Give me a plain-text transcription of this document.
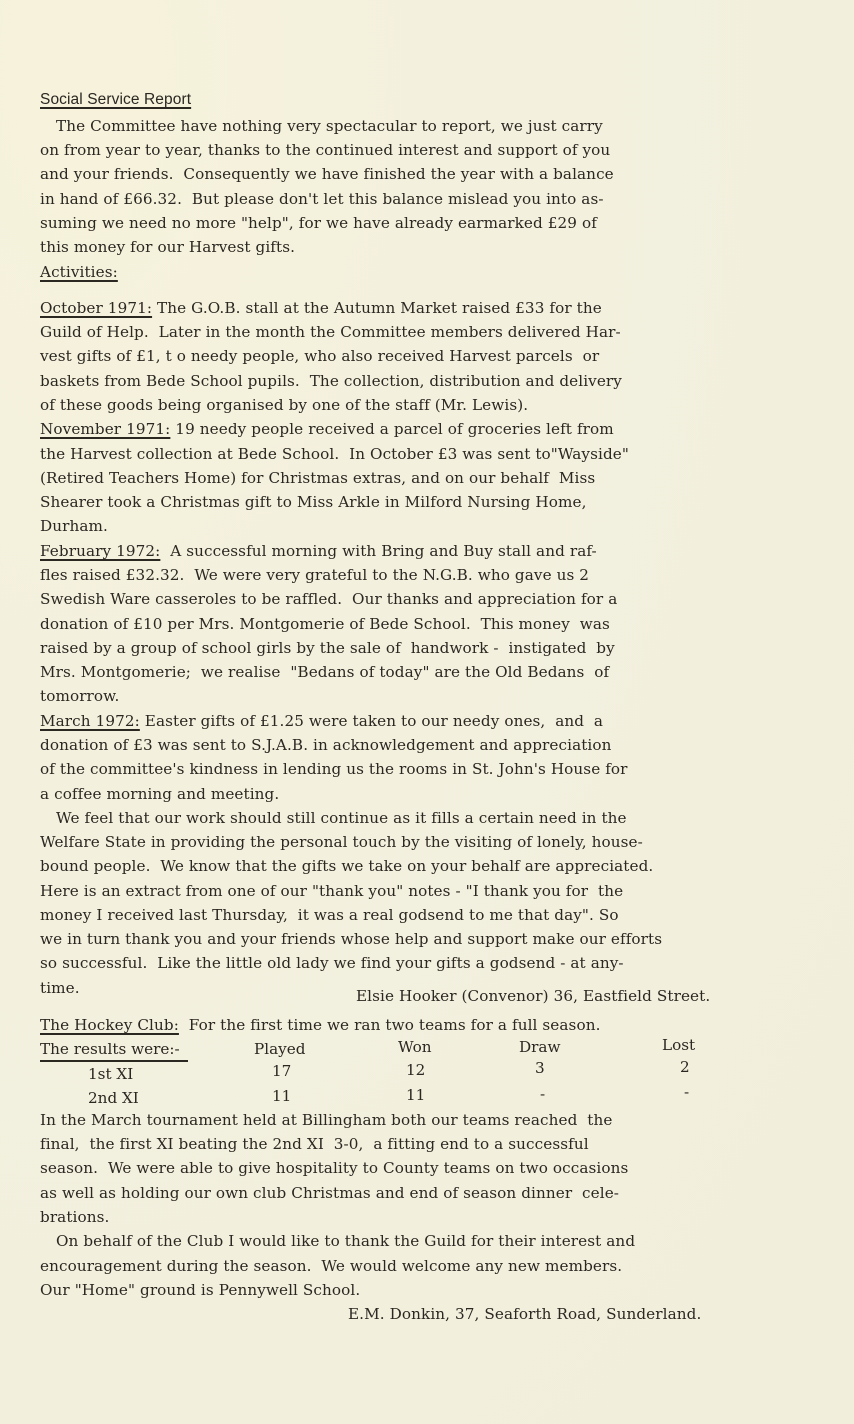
Social Service Report
The Committee have nothing very spectacular to report, we just carry
on from year to year, thanks to the continued interest and support of you
and your friends.  Consequently we have finished the year with a balance
in hand of £66.32.  But please don't let this balance mislead you into as-
suming we need no more "help", for we have already earmarked £29 of
this money for our Harvest gifts.
Activities:
October 1971: The G.O.B. stall at the Autumn Market raised £33 for the
Guild of Help.  Later in the month the Committee members delivered Har-
vest gifts of £1, t o needy people, who also received Harvest parcels  or
baskets from Bede School pupils.  The collection, distribution and delivery
of these goods being organised by one of the staff (Mr. Lewis).
November 1971: 19 needy people received a parcel of groceries left from
the Harvest collection at Bede School.  In October £3 was sent to"Wayside"
(Retired Teachers Home) for Christmas extras, and on our behalf  Miss
Shearer took a Christmas gift to Miss Arkle in Milford Nursing Home,
Durham.
February 1972:  A successful morning with Bring and Buy stall and raf-
fles raised £32.32.  We were very grateful to the N.G.B. who gave us 2
Swedish Ware casseroles to be raffled.  Our thanks and appreciation for a
donation of £10 per Mrs. Montgomerie of Bede School.  This money  was
raised by a group of school girls by the sale of  handwork -  instigated  by
Mrs. Montgomerie;  we realise  "Bedans of today" are the Old Bedans  of
tomorrow.
March 1972: Easter gifts of £1.25 were taken to our needy ones,  and  a
donation of £3 was sent to S.J.A.B. in acknowledgement and appreciation
of the committee's kindness in lending us the rooms in St. John's House for
a coffee morning and meeting.
We feel that our work should still continue as it fills a certain need in the
Welfare State in providing the personal touch by the visiting of lonely, house-
bound people.  We know that the gifts we take on your behalf are appreciated.
Here is an extract from one of our "thank you" notes - "I thank you for  the
money I received last Thursday,  it was a real godsend to me that day". So
we in turn thank you and your friends whose help and support make our efforts
so successful.  Like the little old lady we find your gifts a godsend - at any-
time.	Elsie Hooker (Convenor) 36, Eastfield Street.
The Hockey Club:  For the first time we ran two teams for a full season.
The results were:-	Played	Won	Draw	Lost
1st XI	17	12	3	2
2nd XI	11	11	-	-
In the March tournament held at Billingham both our teams reached  the
final,  the first XI beating the 2nd XI  3-0,  a fitting end to a successful
season.  We were able to give hospitality to County teams on two occasions
as well as holding our own club Christmas and end of season dinner  cele-
brations.
On behalf of the Club I would like to thank the Guild for their interest and
encouragement during the season.  We would welcome any new members.
Our "Home" ground is Pennywell School.
E.M. Donkin, 37, Seaforth Road, Sunderland.
